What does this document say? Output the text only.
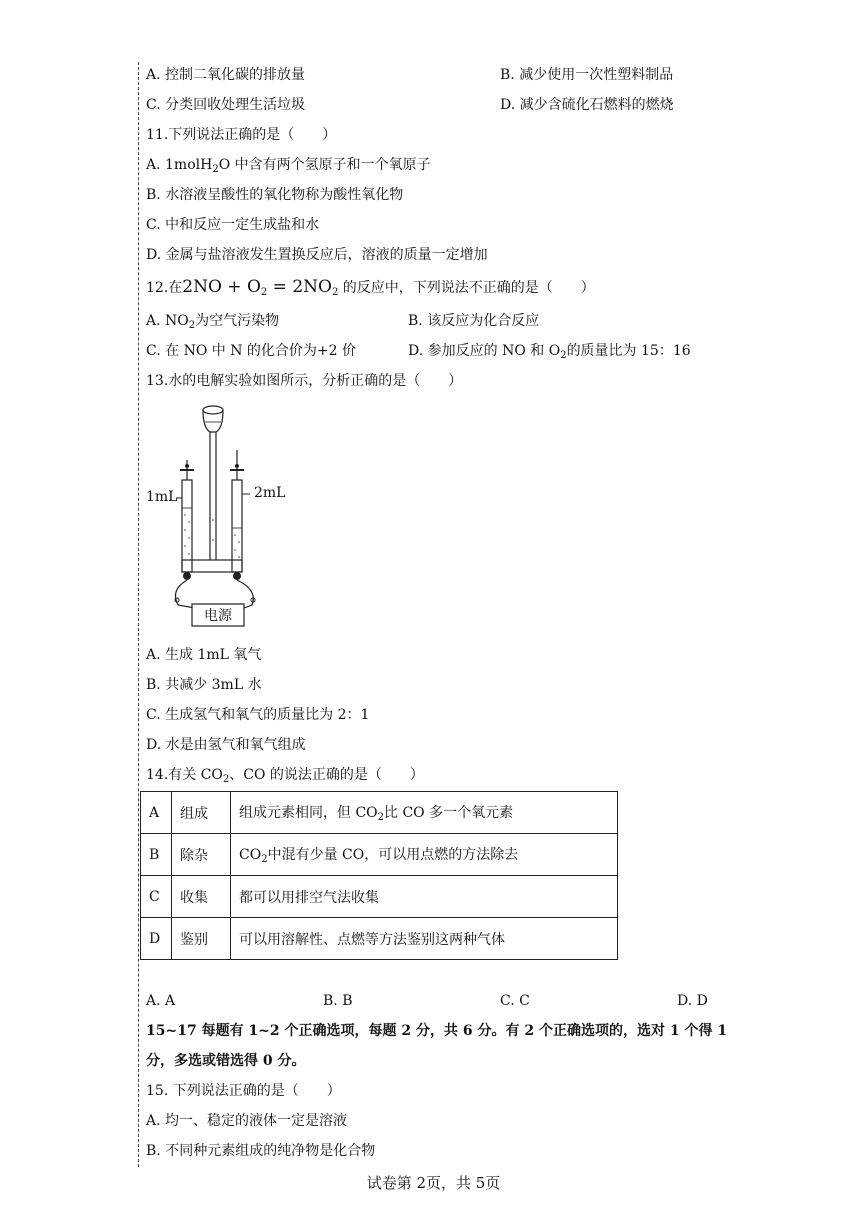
A. 控制二氧化碳的排放量	B. 减少使用一次性塑料制品
C. 分类回收处理生活垃圾	D. 减少含硫化石燃料的燃烧
11.下列说法正确的是（　　）
A. 1molH$_2$O 中含有两个氢原子和一个氧原子
B. 水溶液呈酸性的氧化物称为酸性氧化物
C. 中和反应一定生成盐和水
D. 金属与盐溶液发生置换反应后，溶液的质量一定增加
12.在$2NO + O_2 = 2NO_2$ 的反应中，下列说法不正确的是（　　）
A. $NO_2$为空气污染物	B. 该反应为化合反应
C. 在 NO 中 N 的化合价为+2 价	D. 参加反应的 NO 和 $O_2$的质量比为 15：16
13.水的电解实验如图所示，分析正确的是（　　）
1mL	2mL
电源
A. 生成 1mL 氧气
B. 共减少 3mL 水
C. 生成氢气和氧气的质量比为 2：1
D. 水是由氢气和氧气组成
14.有关 $CO_2$、CO 的说法正确的是（　　）
A	组成	组成元素相同，但 $CO_2$比 CO 多一个氧元素
B	除杂	$CO_2$中混有少量 CO，可以用点燃的方法除去
C	收集	都可以用排空气法收集
D	鉴别	可以用溶解性、点燃等方法鉴别这两种气体
A. A	B. B	C. C	D. D
15~17 每题有 1~2 个正确选项，每题 2 分，共 6 分。有 2 个正确选项的，选对 1 个得 1
分，多选或错选得 0 分。
15. 下列说法正确的是（　　）
A. 均一、稳定的液体一定是溶液
B. 不同种元素组成的纯净物是化合物
试卷第 2页，共 5页
